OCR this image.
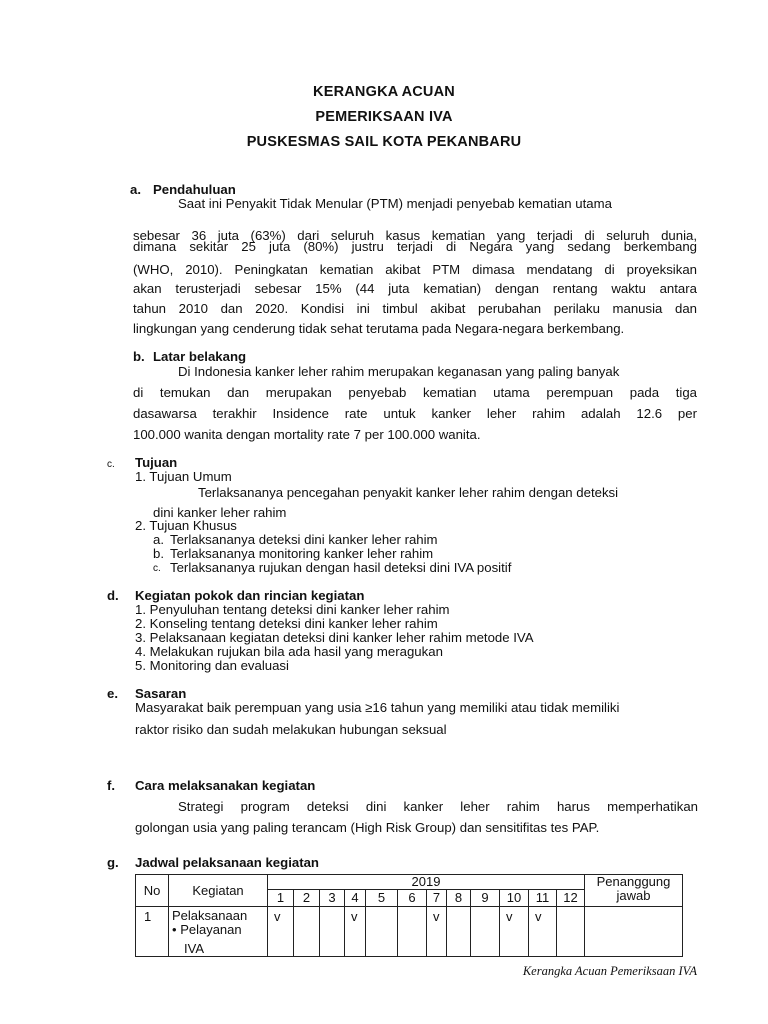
KERANGKA ACUAN
PEMERIKSAAN IVA
PUSKESMAS SAIL KOTA PEKANBARU
a. Pendahuluan
Saat ini Penyakit Tidak Menular (PTM) menjadi penyebab kematian utama
sebesar 36 juta (63%) dari seluruh kasus kematian yang terjadi di seluruh dunia,
dimana sekitar 25 juta (80%) justru terjadi di Negara yang sedang berkembang
(WHO, 2010). Peningkatan kematian akibat PTM dimasa mendatang di proyeksikan
akan terusterjadi sebesar 15% (44 juta kematian) dengan rentang waktu antara
tahun 2010 dan 2020. Kondisi ini timbul akibat perubahan perilaku manusia dan
lingkungan yang cenderung tidak sehat terutama pada Negara-negara berkembang.
b. Latar belakang
Di Indonesia kanker leher rahim merupakan keganasan yang paling banyak
di temukan dan merupakan penyebab kematian utama perempuan pada tiga
dasawarsa terakhir Insidence rate untuk kanker leher rahim adalah 12.6 per
100.000 wanita dengan mortality rate 7 per 100.000 wanita.
c. Tujuan
1. Tujuan Umum
Terlaksananya pencegahan penyakit kanker leher rahim dengan deteksi
dini kanker leher rahim
2. Tujuan Khusus
a. Terlaksananya deteksi dini kanker leher rahim
b. Terlaksananya monitoring kanker leher rahim
c. Terlaksananya rujukan dengan hasil deteksi dini IVA positif
d. Kegiatan pokok dan rincian kegiatan
1. Penyuluhan tentang deteksi dini kanker leher rahim
2. Konseling tentang deteksi dini kanker leher rahim
3. Pelaksanaan kegiatan deteksi dini kanker leher rahim metode IVA
4. Melakukan rujukan bila ada hasil yang meragukan
5. Monitoring dan evaluasi
e. Sasaran
Masyarakat baik perempuan yang usia ≥16 tahun yang memiliki atau tidak memiliki
raktor risiko dan sudah melakukan hubungan seksual
f. Cara melaksanakan kegiatan
Strategi program deteksi dini kanker leher rahim harus memperhatikan
golongan usia yang paling terancam (High Risk Group) dan sensitifitas tes PAP.
g. Jadwal pelaksanaan kegiatan
No	Kegiatan	2019												Penanggung
jawab

		1	2	3	4	5	6	7	8	9	10	11	12	
1	Pelaksanaan
• Pelayanan
IVA	v			v			v			v	v		
Kerangka Acuan Pemeriksaan IVA
